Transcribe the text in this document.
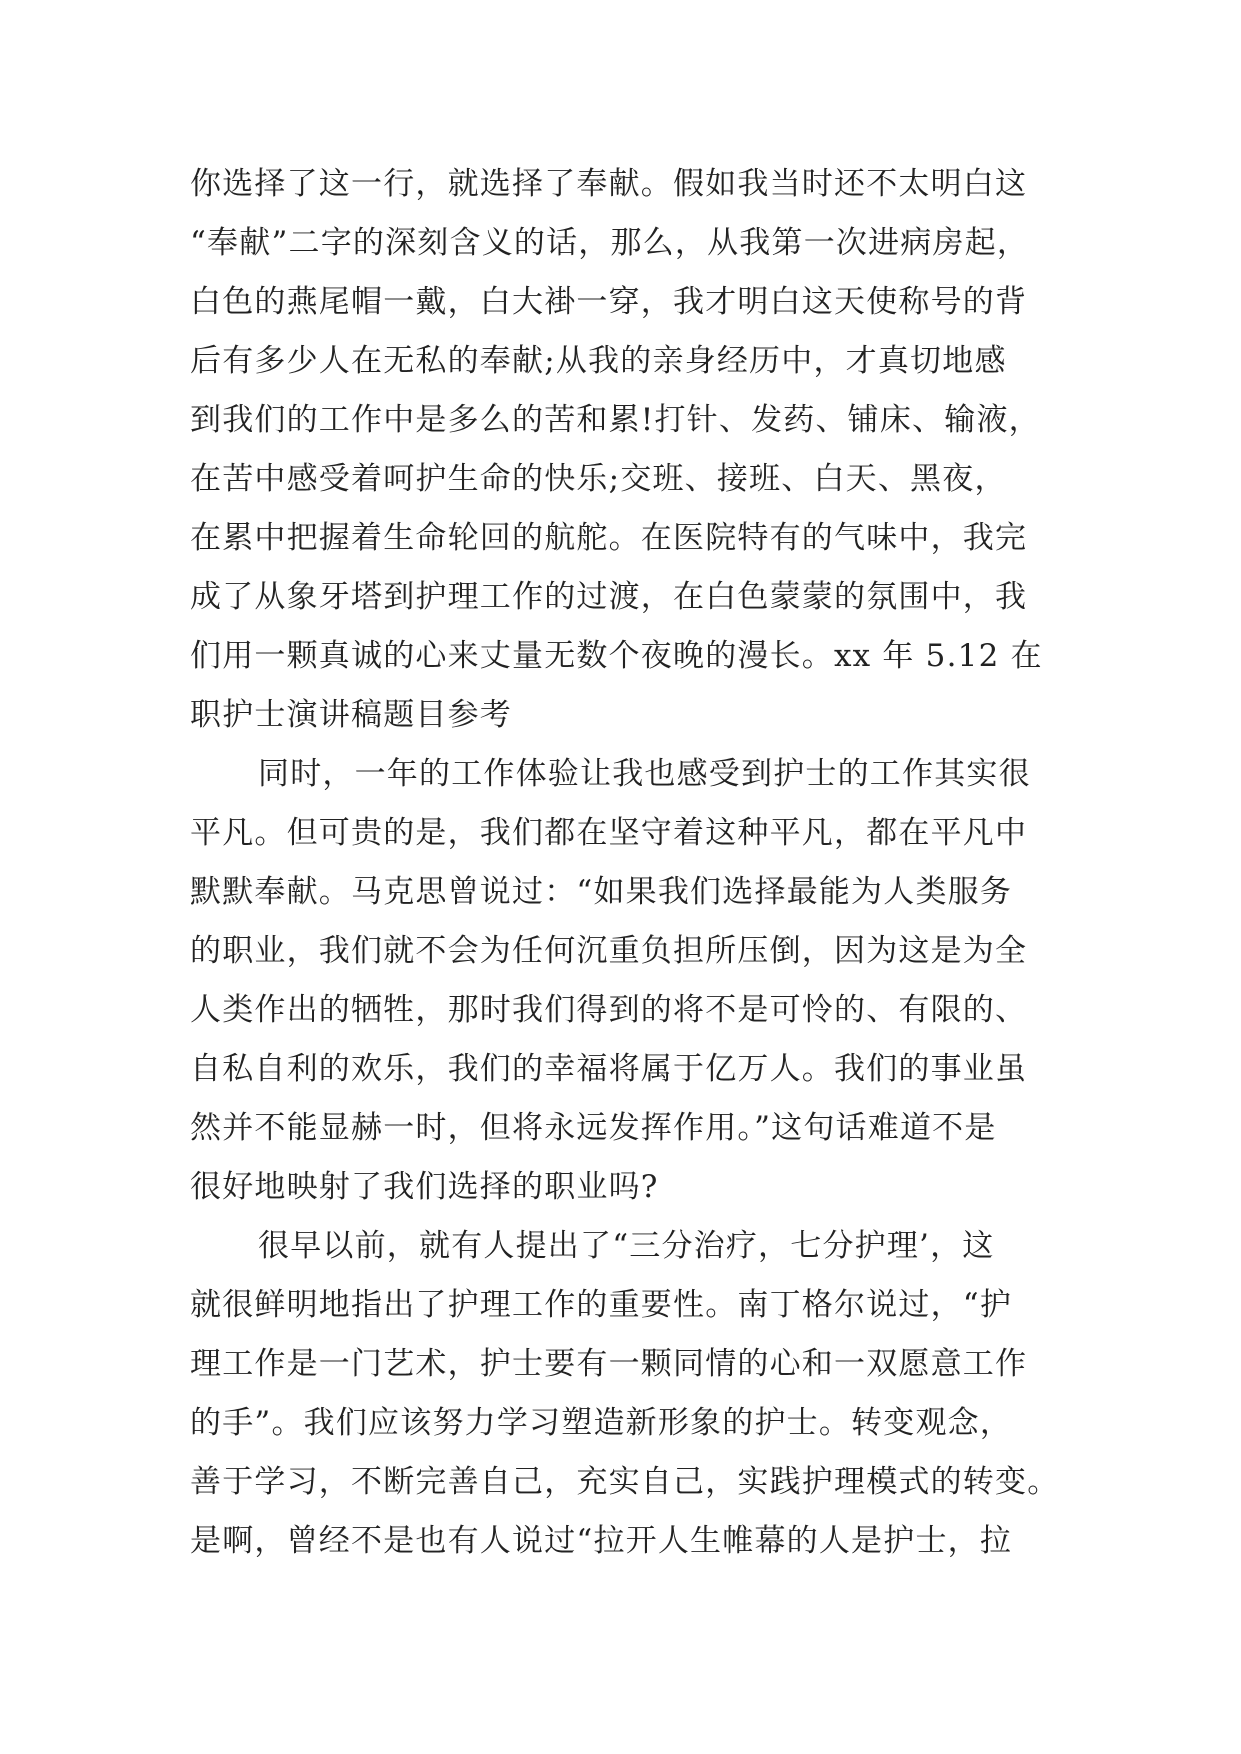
你选择了这一行，就选择了奉献。假如我当时还不太明白这
“奉献”二字的深刻含义的话，那么，从我第一次进病房起，
白色的燕尾帽一戴，白大褂一穿，我才明白这天使称号的背
后有多少人在无私的奉献;从我的亲身经历中，才真切地感
到我们的工作中是多么的苦和累!打针、发药、铺床、输液，
在苦中感受着呵护生命的快乐;交班、接班、白天、黑夜，
在累中把握着生命轮回的航舵。在医院特有的气味中，我完
成了从象牙塔到护理工作的过渡，在白色蒙蒙的氛围中，我
们用一颗真诚的心来丈量无数个夜晚的漫长。xx 年 5.12 在
职护士演讲稿题目参考
同时，一年的工作体验让我也感受到护士的工作其实很
平凡。但可贵的是，我们都在坚守着这种平凡，都在平凡中
默默奉献。马克思曾说过：“如果我们选择最能为人类服务
的职业，我们就不会为任何沉重负担所压倒，因为这是为全
人类作出的牺牲，那时我们得到的将不是可怜的、有限的、
自私自利的欢乐，我们的幸福将属于亿万人。我们的事业虽
然并不能显赫一时，但将永远发挥作用。”这句话难道不是
很好地映射了我们选择的职业吗?
很早以前，就有人提出了“三分治疗，七分护理’，这
就很鲜明地指出了护理工作的重要性。南丁格尔说过，“护
理工作是一门艺术，护士要有一颗同情的心和一双愿意工作
的手”。我们应该努力学习塑造新形象的护士。转变观念，
善于学习，不断完善自己，充实自己，实践护理模式的转变。
是啊，曾经不是也有人说过“拉开人生帷幕的人是护士，拉
